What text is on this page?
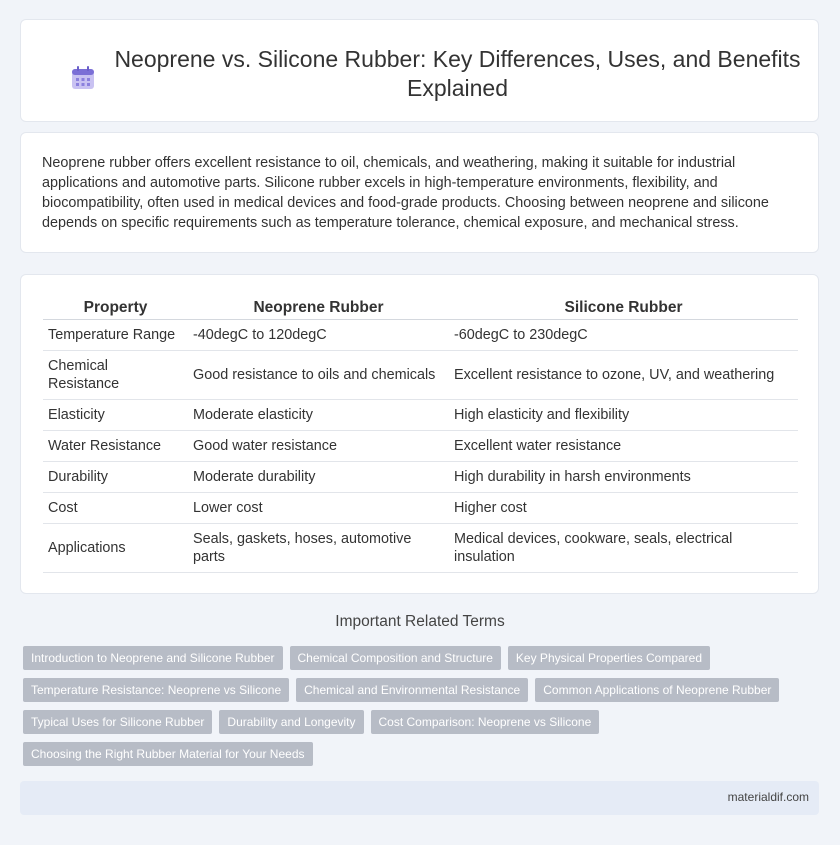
Neoprene vs. Silicone Rubber: Key Differences, Uses, and Benefits Explained

Neoprene rubber offers excellent resistance to oil, chemicals, and weathering, making it suitable for industrial applications and automotive parts. Silicone rubber excels in high-temperature environments, flexibility, and biocompatibility, often used in medical devices and food-grade products. Choosing between neoprene and silicone depends on specific requirements such as temperature tolerance, chemical exposure, and mechanical stress.

Property	Neoprene Rubber	Silicone Rubber
Temperature Range	-40degC to 120degC	-60degC to 230degC
Chemical Resistance	Good resistance to oils and chemicals	Excellent resistance to ozone, UV, and weathering
Elasticity	Moderate elasticity	High elasticity and flexibility
Water Resistance	Good water resistance	Excellent water resistance
Durability	Moderate durability	High durability in harsh environments
Cost	Lower cost	Higher cost
Applications	Seals, gaskets, hoses, automotive parts	Medical devices, cookware, seals, electrical insulation
Important Related Terms
Introduction to Neoprene and Silicone Rubber	Chemical Composition and Structure	Key Physical Properties Compared
Temperature Resistance: Neoprene vs Silicone	Chemical and Environmental Resistance	Common Applications of Neoprene Rubber
Typical Uses for Silicone Rubber	Durability and Longevity	Cost Comparison: Neoprene vs Silicone
Choosing the Right Rubber Material for Your Needs
materialdif.com
